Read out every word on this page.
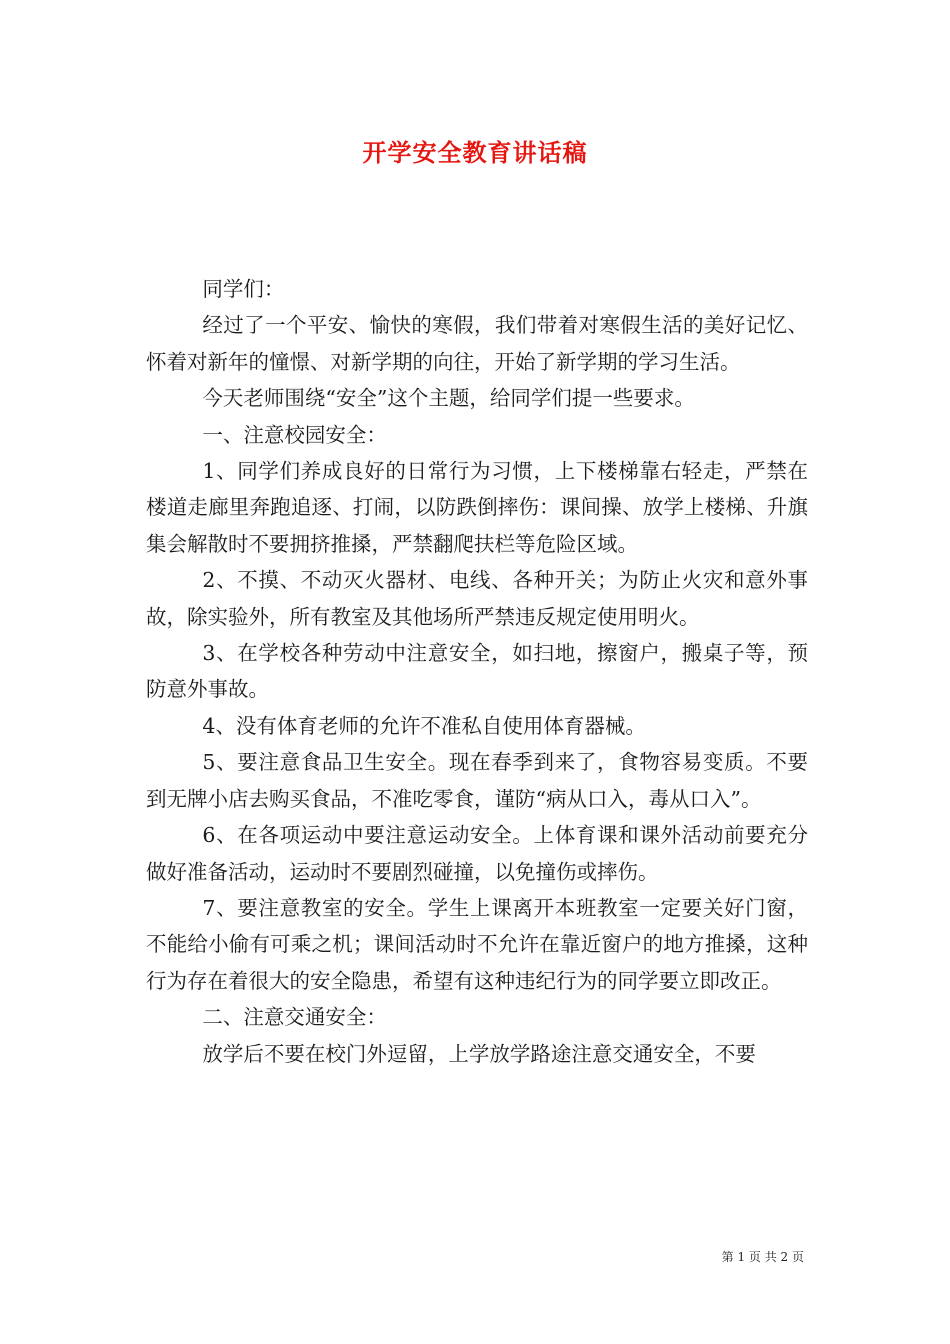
开学安全教育讲话稿

同学们：

经过了一个平安、愉快的寒假，我们带着对寒假生活的美好记忆、怀着对新年的憧憬、对新学期的向往，开始了新学期的学习生活。

今天老师围绕“安全”这个主题，给同学们提一些要求。

一、注意校园安全：

1、同学们养成良好的日常行为习惯，上下楼梯靠右轻走，严禁在楼道走廊里奔跑追逐、打闹，以防跌倒摔伤：课间操、放学上楼梯、升旗集会解散时不要拥挤推搡，严禁翻爬扶栏等危险区域。

2、不摸、不动灭火器材、电线、各种开关；为防止火灾和意外事故，除实验外，所有教室及其他场所严禁违反规定使用明火。

3、在学校各种劳动中注意安全，如扫地，擦窗户，搬桌子等，预防意外事故。

4、没有体育老师的允许不准私自使用体育器械。

5、要注意食品卫生安全。现在春季到来了，食物容易变质。不要到无牌小店去购买食品，不准吃零食，谨防“病从口入，毒从口入”。

6、在各项运动中要注意运动安全。上体育课和课外活动前要充分做好准备活动，运动时不要剧烈碰撞，以免撞伤或摔伤。

7、要注意教室的安全。学生上课离开本班教室一定要关好门窗，不能给小偷有可乘之机；课间活动时不允许在靠近窗户的地方推搡，这种行为存在着很大的安全隐患，希望有这种违纪行为的同学要立即改正。

二、注意交通安全：

放学后不要在校门外逗留，上学放学路途注意交通安全，不要

第 1 页 共 2 页
